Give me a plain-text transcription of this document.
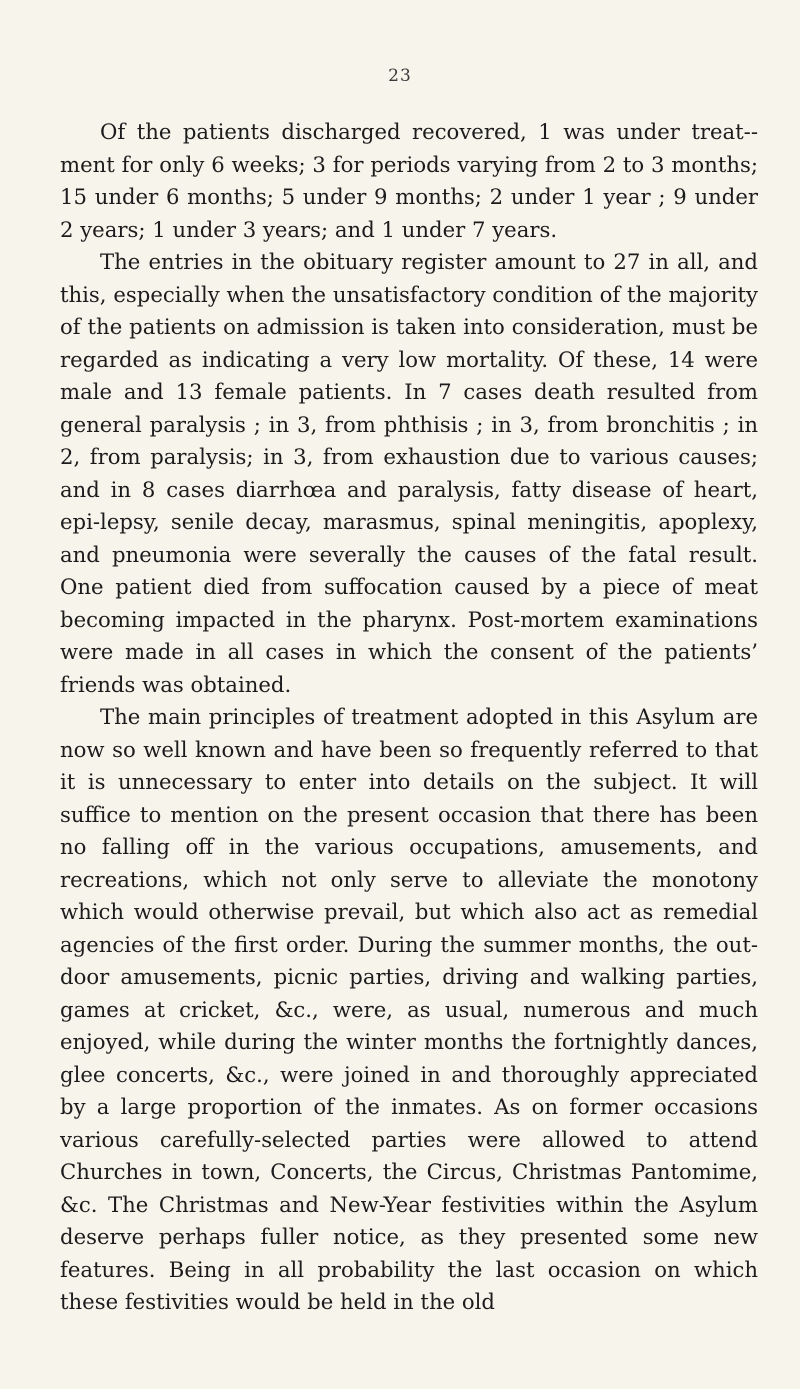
23

Of the patients discharged recovered, 1 was under treat-ment for only 6 weeks; 3 for periods varying from 2 to 3 months; 15 under 6 months; 5 under 9 months; 2 under 1 year ; 9 under 2 years; 1 under 3 years; and 1 under 7 years.

The entries in the obituary register amount to 27 in all, and this, especially when the unsatisfactory condition of the majority of the patients on admission is taken into consideration, must be regarded as indicating a very low mortality. Of these, 14 were male and 13 female patients. In 7 cases death resulted from general paralysis ; in 3, from phthisis ; in 3, from bronchitis ; in 2, from paralysis; in 3, from exhaustion due to various causes; and in 8 cases diarrhœa and paralysis, fatty disease of heart, epi-lepsy, senile decay, marasmus, spinal meningitis, apoplexy, and pneumonia were severally the causes of the fatal result. One patient died from suffocation caused by a piece of meat becoming impacted in the pharynx. Post-mortem examinations were made in all cases in which the consent of the patients’ friends was obtained.

The main principles of treatment adopted in this Asylum are now so well known and have been so frequently referred to that it is unnecessary to enter into details on the subject. It will suffice to mention on the present occasion that there has been no falling off in the various occupations, amusements, and recreations, which not only serve to alleviate the monotony which would otherwise prevail, but which also act as remedial agencies of the first order. During the summer months, the out-door amusements, picnic parties, driving and walking parties, games at cricket, &c., were, as usual, numerous and much enjoyed, while during the winter months the fortnightly dances, glee concerts, &c., were joined in and thoroughly appreciated by a large proportion of the inmates. As on former occasions various carefully-selected parties were allowed to attend Churches in town, Concerts, the Circus, Christmas Pantomime, &c. The Christmas and New-Year festivities within the Asylum deserve perhaps fuller notice, as they presented some new features. Being in all probability the last occasion on which these festivities would be held in the old
